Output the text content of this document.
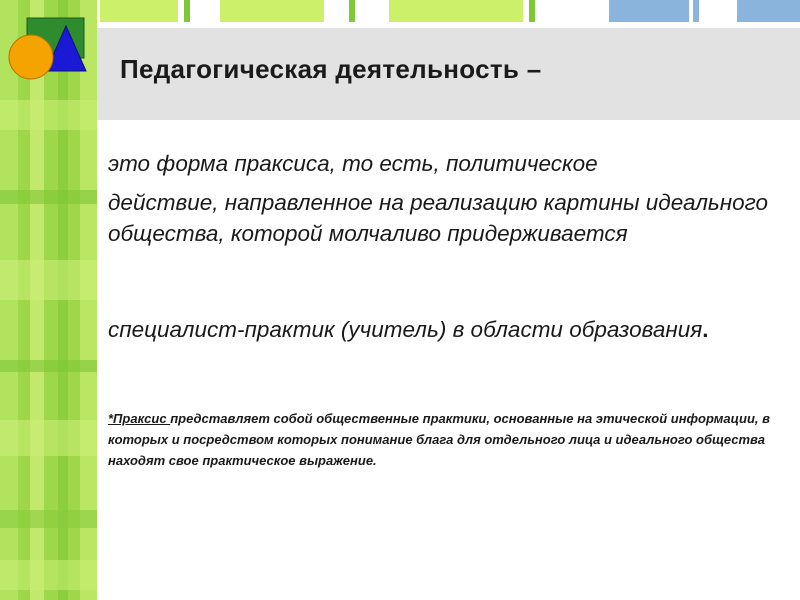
Педагогическая деятельность –
это форма праксиса, то есть, политическое
действие, направленное на реализацию картины идеального общества, которой молчаливо придерживается
специалист-практик (учитель) в области образования.
*Праксис представляет собой общественные практики, основанные на этической информации, в которых и посредством которых понимание блага для отдельного лица и идеального общества находят свое практическое выражение.
